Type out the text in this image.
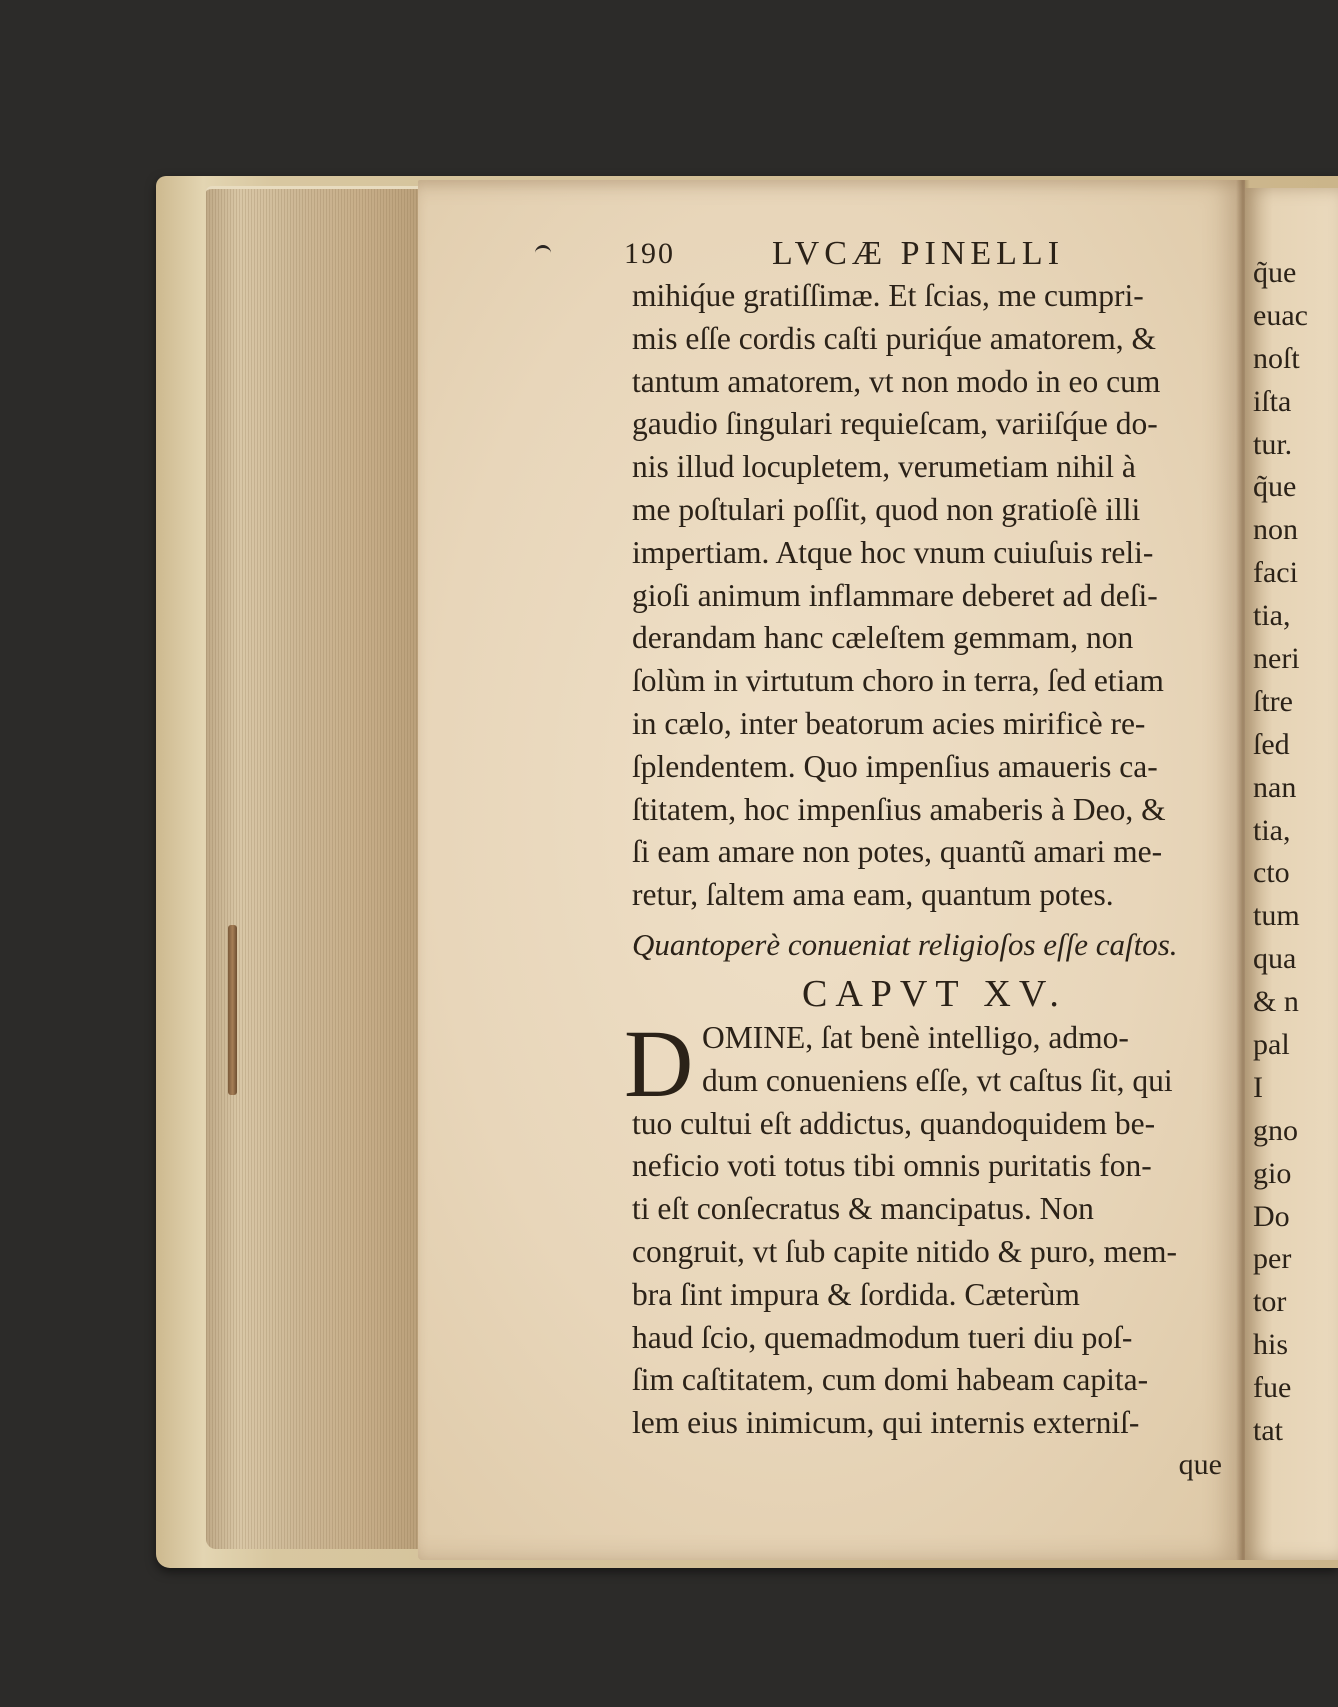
190	LVCÆ PINELLI
mihiq́ue gratiſſimæ. Et ſcias, me cumpri-
mis eſſe cordis caſti puriq́ue amatorem, &
tantum amatorem, vt non modo in eo cum
gaudio ſingulari requieſcam, variiſq́ue do-
nis illud locupletem, verumetiam nihil à
me poſtulari poſſit, quod non gratioſè illi
impertiam. Atque hoc vnum cuiuſuis reli-
gioſi animum inflammare deberet ad deſi-
derandam hanc cæleſtem gemmam, non
ſolùm in virtutum choro in terra, ſed etiam
in cælo, inter beatorum acies mirificè re-
ſplendentem. Quo impenſius amaueris ca-
ſtitatem, hoc impenſius amaberis à Deo, &
ſi eam amare non potes, quantũ amari me-
retur, ſaltem ama eam, quantum potes.
Quantoperè conueniat religioſos eſſe caſtos.
CAPVT XV.
D OMINE, ſat benè intelligo, admo-
dum conueniens eſſe, vt caſtus ſit, qui
tuo cultui eſt addictus, quandoquidem be-
neficio voti totus tibi omnis puritatis fon-
ti eſt conſecratus & mancipatus. Non
congruit, vt ſub capite nitido & puro, mem-
bra ſint impura & ſordida. Cæterùm
haud ſcio, quemadmodum tueri diu poſ-
ſim caſtitatem, cum domi habeam capita-
lem eius inimicum, qui internis externiſ-
que
q̃ue
euac
noſt
iſta
tur.
q̃ue
non
faci
tia,
neri
ſtre
ſed
nan
tia,
cto
tum
qua
& n
pal
I
gno
gio
Do
per
tor
his
fue
tat
